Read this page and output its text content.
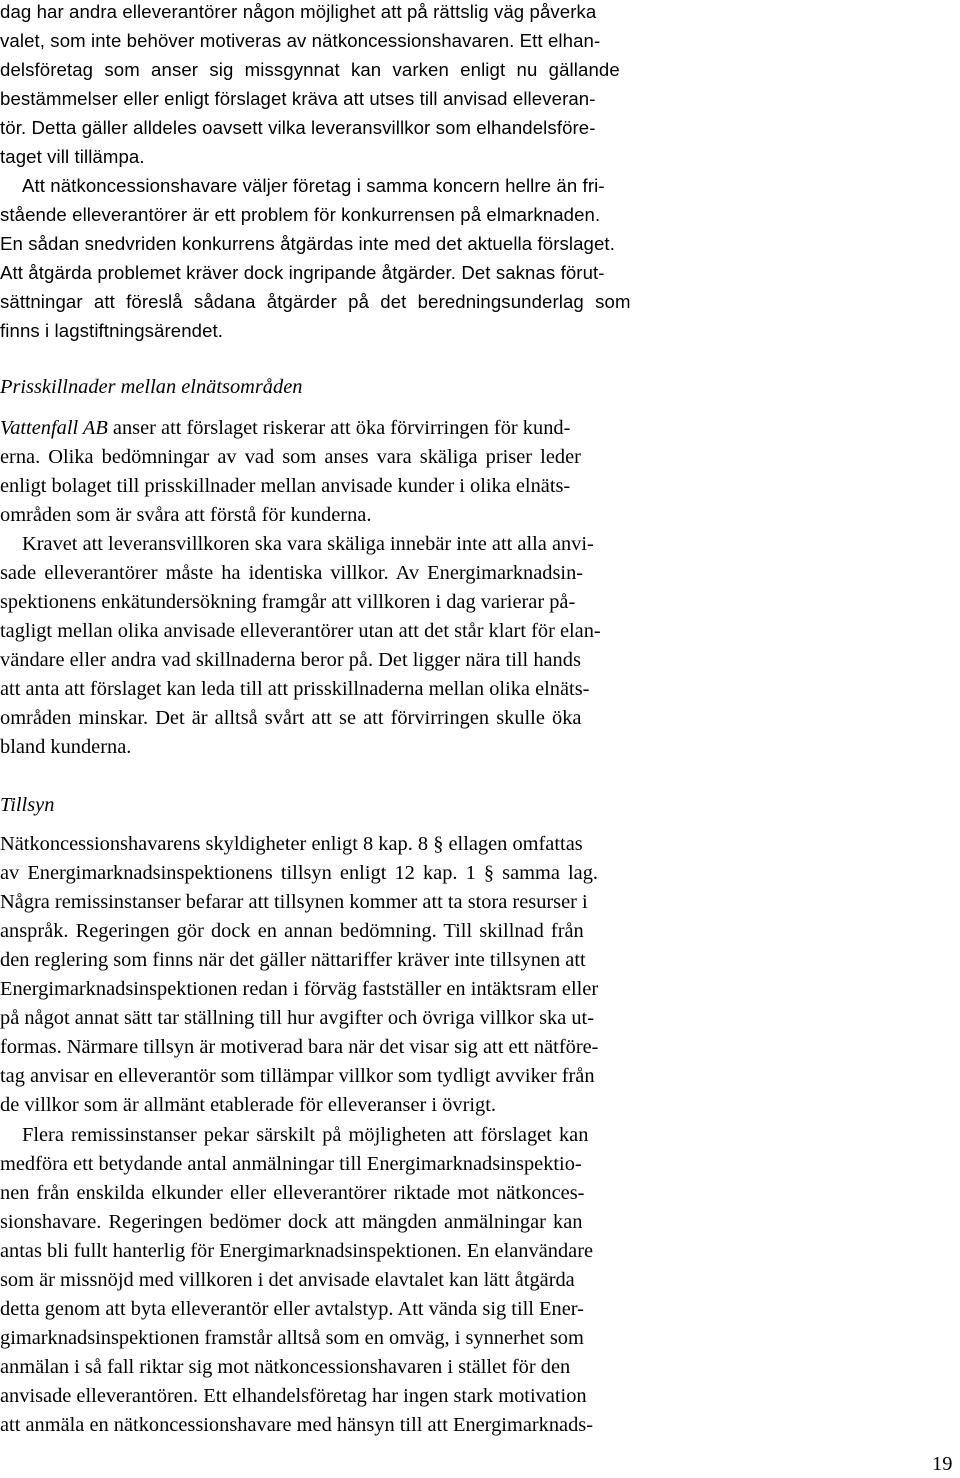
dag har andra elleverantörer någon möjlighet att på rättslig väg påverka
valet, som inte behöver motiveras av nätkoncessionshavaren. Ett elhan-
delsföretag som anser sig missgynnat kan varken enligt nu gällande
bestämmelser eller enligt förslaget kräva att utses till anvisad elleveran-
tör. Detta gäller alldeles oavsett vilka leveransvillkor som elhandelsföre-
taget vill tillämpa.
Att nätkoncessionshavare väljer företag i samma koncern hellre än fri-
stående elleverantörer är ett problem för konkurrensen på elmarknaden.
En sådan snedvriden konkurrens åtgärdas inte med det aktuella förslaget.
Att åtgärda problemet kräver dock ingripande åtgärder. Det saknas förut-
sättningar att föreslå sådana åtgärder på det beredningsunderlag som
finns i lagstiftningsärendet.
Prisskillnader mellan elnätsområden
Vattenfall AB anser att förslaget riskerar att öka förvirringen för kund-
erna. Olika bedömningar av vad som anses vara skäliga priser leder
enligt bolaget till prisskillnader mellan anvisade kunder i olika elnäts-
områden som är svåra att förstå för kunderna.
Kravet att leveransvillkoren ska vara skäliga innebär inte att alla anvi-
sade elleverantörer måste ha identiska villkor. Av Energimarknadsin-
spektionens enkätundersökning framgår att villkoren i dag varierar på-
tagligt mellan olika anvisade elleverantörer utan att det står klart för elan-
vändare eller andra vad skillnaderna beror på. Det ligger nära till hands
att anta att förslaget kan leda till att prisskillnaderna mellan olika elnäts-
områden minskar. Det är alltså svårt att se att förvirringen skulle öka
bland kunderna.
Tillsyn
Nätkoncessionshavarens skyldigheter enligt 8 kap. 8 § ellagen omfattas
av Energimarknadsinspektionens tillsyn enligt 12 kap. 1 § samma lag.
Några remissinstanser befarar att tillsynen kommer att ta stora resurser i
anspråk. Regeringen gör dock en annan bedömning. Till skillnad från
den reglering som finns när det gäller nättariffer kräver inte tillsynen att
Energimarknadsinspektionen redan i förväg fastställer en intäktsram eller
på något annat sätt tar ställning till hur avgifter och övriga villkor ska ut-
formas. Närmare tillsyn är motiverad bara när det visar sig att ett nätföre-
tag anvisar en elleverantör som tillämpar villkor som tydligt avviker från
de villkor som är allmänt etablerade för elleveranser i övrigt.
Flera remissinstanser pekar särskilt på möjligheten att förslaget kan
medföra ett betydande antal anmälningar till Energimarknadsinspektio-
nen från enskilda elkunder eller elleverantörer riktade mot nätkonces-
sionshavare. Regeringen bedömer dock att mängden anmälningar kan
antas bli fullt hanterlig för Energimarknadsinspektionen. En elanvändare
som är missnöjd med villkoren i det anvisade elavtalet kan lätt åtgärda
detta genom att byta elleverantör eller avtalstyp. Att vända sig till Ener-
gimarknadsinspektionen framstår alltså som en omväg, i synnerhet som
anmälan i så fall riktar sig mot nätkoncessionshavaren i stället för den
anvisade elleverantören. Ett elhandelsföretag har ingen stark motivation
att anmäla en nätkoncessionshavare med hänsyn till att Energimarknads-
19
